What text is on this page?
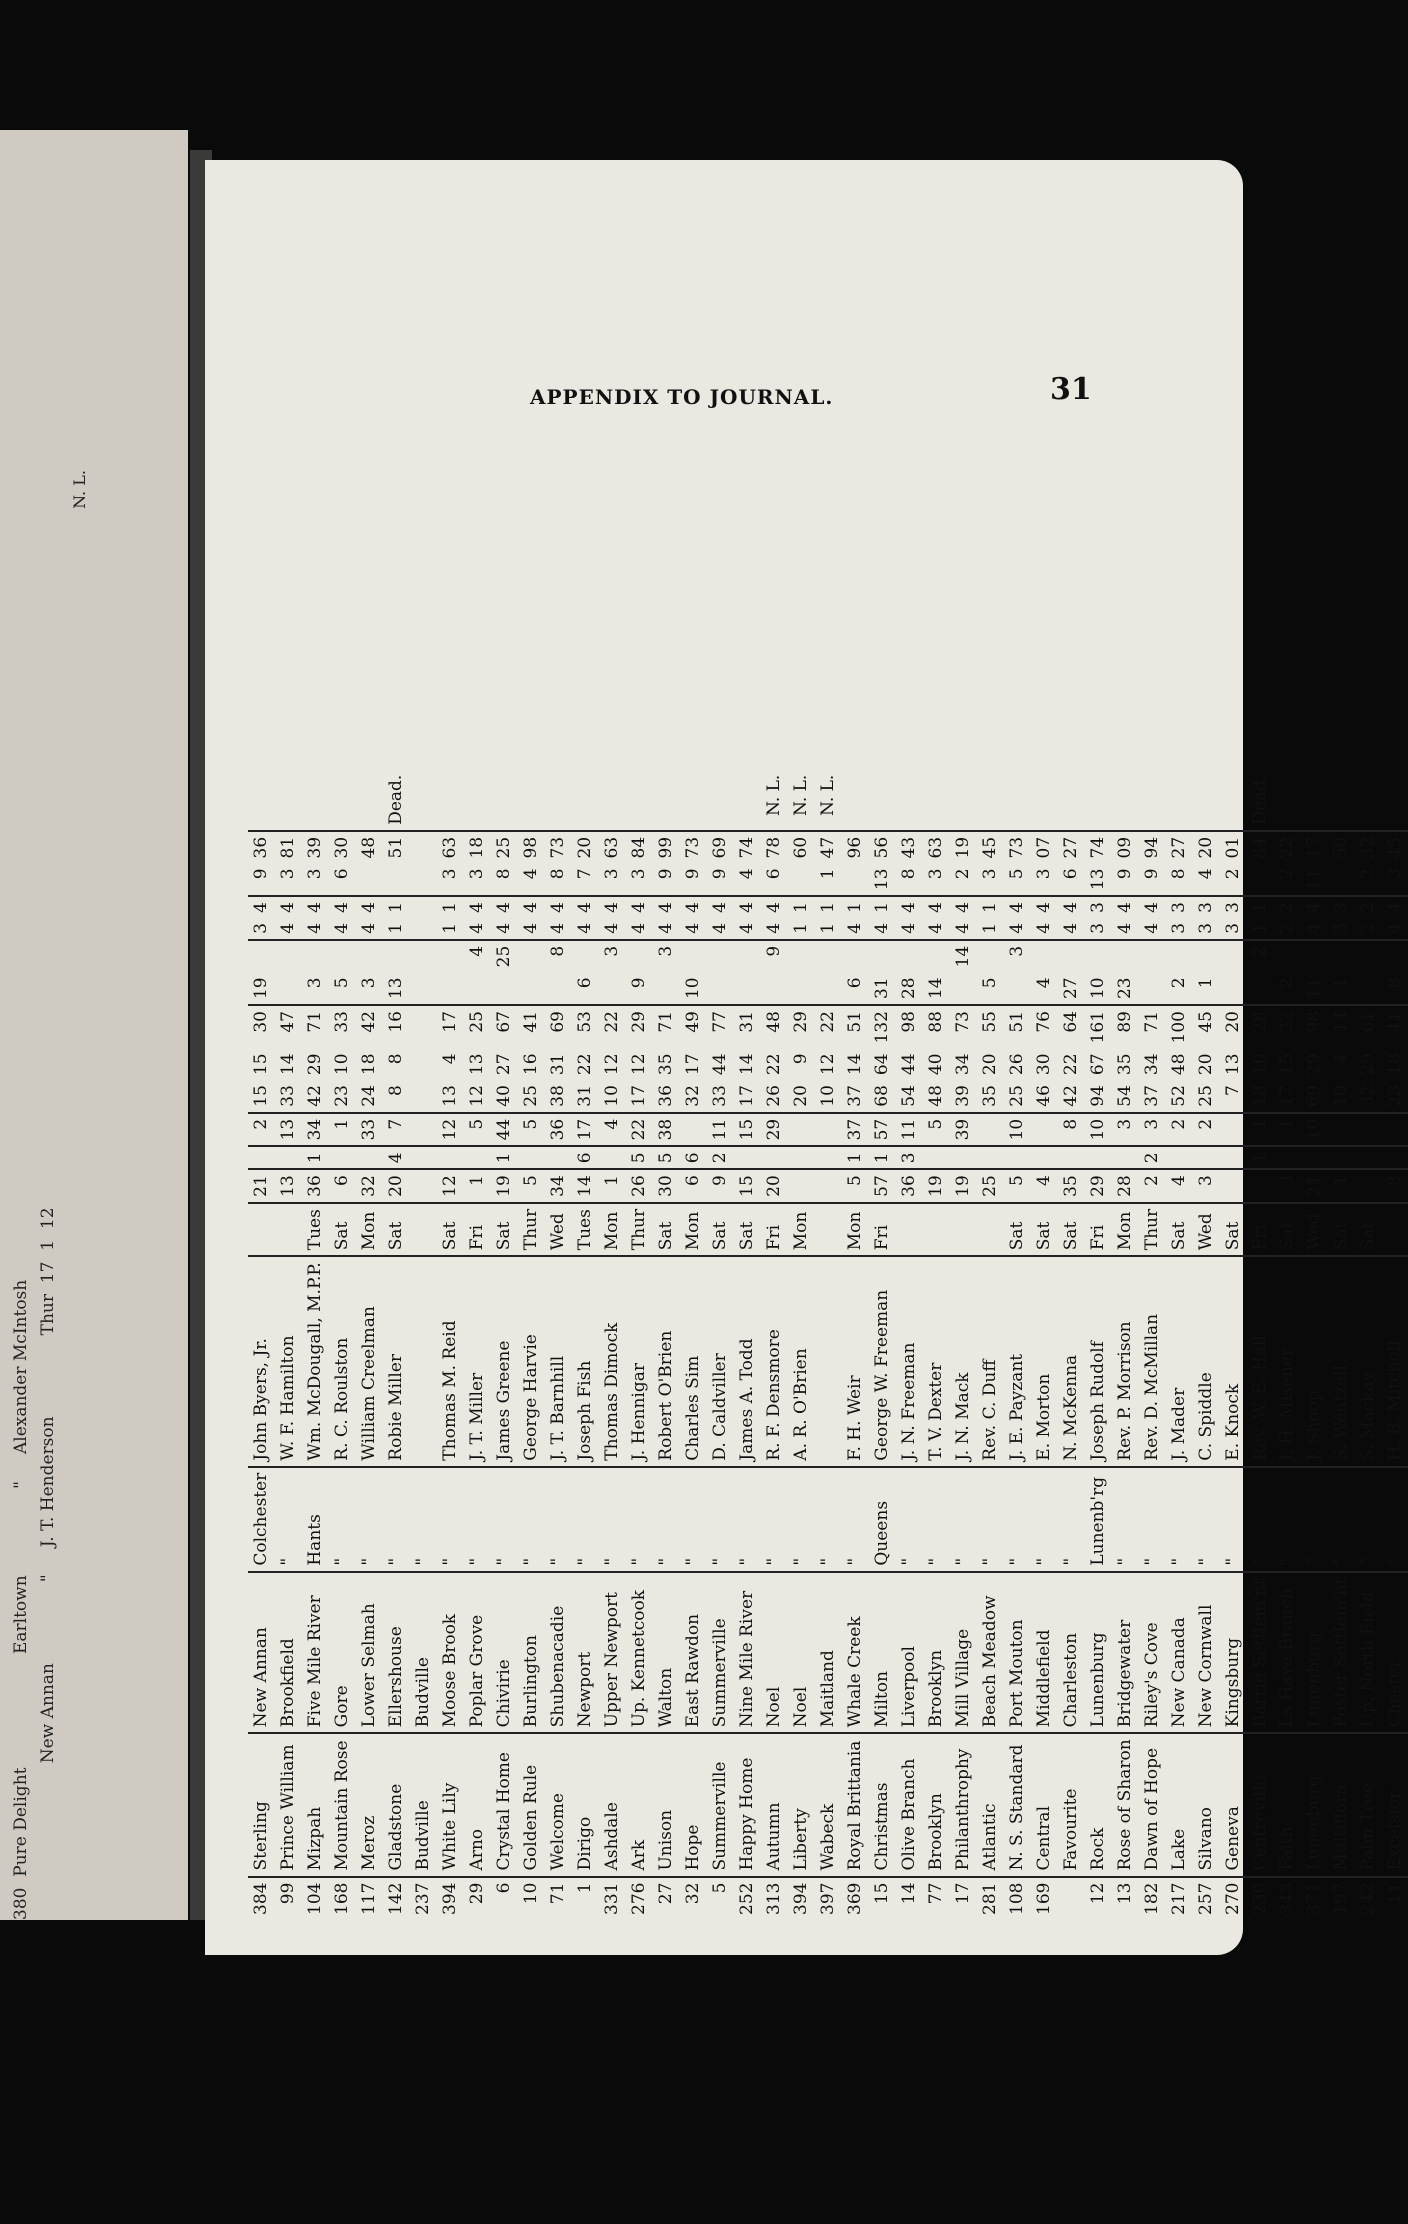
380  Pure Delight                     Earltown                "     Alexander McIntosh
New Annan               "     J. T. Henderson               Thur  17  1  12
N. L.
APPENDIX TO JOURNAL.	31
384	Sterling	New Annan	Colchester	John Byers, Jr.		21		2	15	15	30	19		3	4	9	36	
99	Prince William	Brookfield	"	W. F. Hamilton		13		13	33	14	47			4	4	3	81	
104	Mizpah	Five Mile River	Hants	Wm. McDougall, M.P.P.	Tues	36	1	34	42	29	71	3		4	4	3	39	
168	Mountain Rose	Gore	"	R. C. Roulston	Sat	6		1	23	10	33	5		4	4	6	30	
117	Meroz	Lower Selmah	"	William Creelman	Mon	32		33	24	18	42	3		4	4		48	
142	Gladstone	Ellershouse	"	Robie Miller	Sat	20	4	7	8	8	16	13		1	1		51	Dead.
237	Budville	Budville	"															
394	White Lily	Moose Brook	"	Thomas M. Reid	Sat	12		12	13	4	17			1	1	3	63	
29	Arno	Poplar Grove	"	J. T. Miller	Fri	1		5	12	13	25		4	4	4	3	18	
6	Crystal Home	Chivirie	"	James Greene	Sat	19	1	44	40	27	67		25	4	4	8	25	
10	Golden Rule	Burlington	"	George Harvie	Thur	5		5	25	16	41			4	4	4	98	
71	Welcome	Shubenacadie	"	J. T. Barnhill	Wed	34		36	38	31	69		8	4	4	8	73	
1	Dirigo	Newport	"	Joseph Fish	Tues	14	6	17	31	22	53	6		4	4	7	20	
331	Ashdale	Upper Newport	"	Thomas Dimock	Mon	1		4	10	12	22		3	4	4	3	63	
276	Ark	Up. Kennetcook	"	J. Hennigar	Thur	26	5	22	17	12	29	9		4	4	3	84	
27	Unison	Walton	"	Robert O'Brien	Sat	30	5	38	36	35	71		3	4	4	9	99	
32	Hope	East Rawdon	"	Charles Sim	Mon	6	6		32	17	49	10		4	4	9	73	
5	Summerville	Summerville	"	D. Caldviller	Sat	9	2	11	33	44	77			4	4	9	69	
252	Happy Home	Nine Mile River	"	James A. Todd	Sat	15		15	17	14	31			4	4	4	74	
313	Autumn	Noel	"	R. F. Densmore	Fri	20		29	26	22	48		9	4	4	6	78	N. L.
394	Liberty	Noel	"	A. R. O'Brien	Mon				20	9	29			1	1		60	N. L.
397	Wabeck	Maitland	"						10	12	22			1	1	1	47	N. L.
369	Royal Brittania	Whale Creek	"	F. H. Weir	Mon	5	1	37	37	14	51	6		4	1		96	
15	Christmas	Milton	Queens	George W. Freeman	Fri	57	1	57	68	64	132	31		4	1	13	56	
14	Olive Branch	Liverpool	"	J. N. Freeman		36	3	11	54	44	98	28		4	4	8	43	
77	Brooklyn	Brooklyn	"	T. V. Dexter		19		5	48	40	88	14		4	4	3	63	
17	Philanthrophy	Mill Village	"	J. N. Mack		19		39	39	34	73		14	4	4	2	19	
281	Atlantic	Beach Meadow	"	Rev. C. Duff		25			35	20	55	5		1	1	3	45	
108	N. S. Standard	Port Mouton	"	J. E. Payzant	Sat	5		10	25	26	51		3	4	4	5	73	
169	Central	Middlefield	"	E. Morton	Sat	4			46	30	76	4		4	4	3	07	
	Favourite	Charleston	"	N. McKenna	Sat	35		8	42	22	64	27		4	4	6	27	
12	Rock	Lunenburg	Lunenb'rg	Joseph Rudolf	Fri	29		10	94	67	161	10		3	3	13	74	
13	Rose of Sharon	Bridgewater	"	Rev. P. Morrison	Mon	28		3	54	35	89	23		4	4	9	09	
182	Dawn of Hope	Riley's Cove	"	Rev. D. McMillan	Thur	2	2	3	37	34	71			4	4	9	94	
217	Lake	New Canada	"	J. Mader	Sat	4		2	52	48	100	2		3	3	8	27	
257	Silvano	New Cornwall	"	C. Spiddle	Wed	3		2	25	20	45	1		3	3	4	20	
270	Geneva	Kingsburg	"	E. Knock	Sat				7	13	20			3	3	2	01	
230	Centreville	Barrie Settlem'nt	"	Rev. W. E. Hall	Fri		1	1	18	10	28		2	1	1		84	Dead.
343	Faith	La Have Branch	"	J. H. Misener	Sat	3		1	17	15	32	2		2	2	2	22	
371	Lunenburg	Lunenburg	"	J. Shoop	Wed	21		10	69	29	98	11		4	4	11	17	
197	Multiflora	Foster Settlem'nt	"	S. Wentzell	Sat	1			10	4	14	1		3	3		50	
242	Palm Tree	Up. North Field	"	S. Mackay	Sat				32	29	61			2	2	2	32	
11	Excelsior	Chester	"	H. B. Mitchell		8			23	18	41	8		4	4	3	45	
